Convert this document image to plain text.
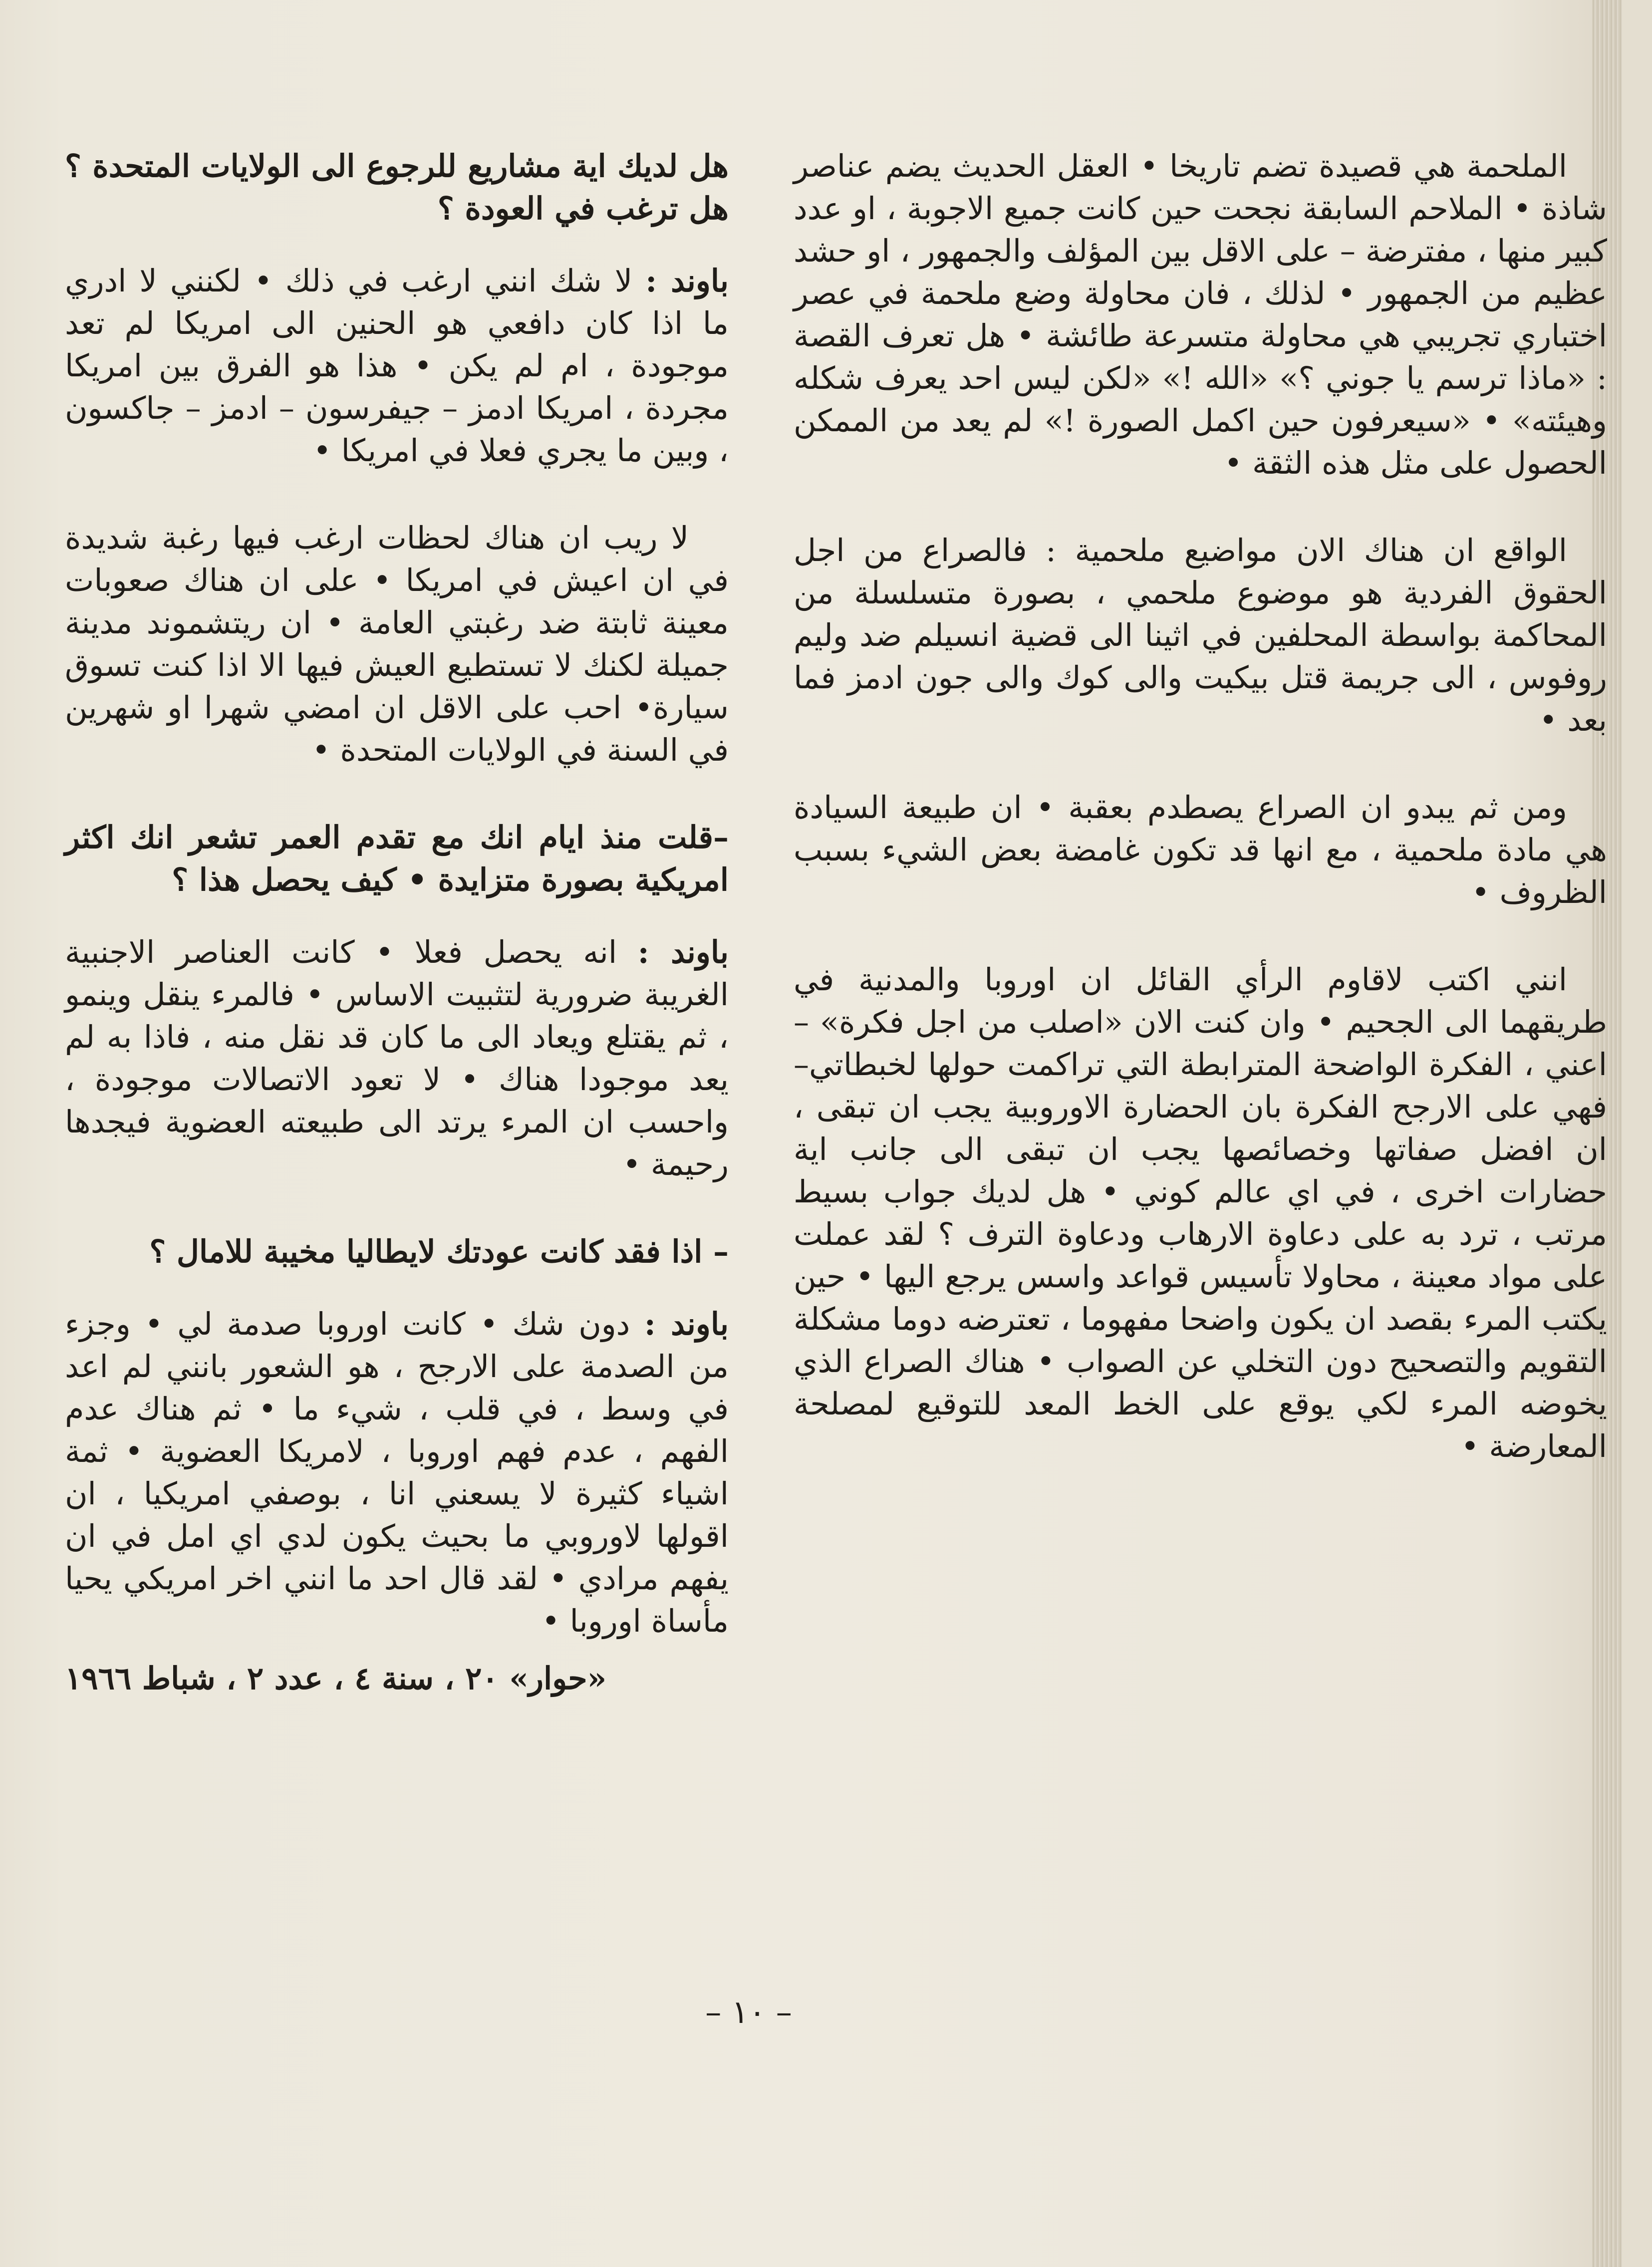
الملحمة هي قصيدة تضم تاريخا • العقل الحديث يضم عناصر شاذة • الملاحم السابقة نجحت حين كانت جميع الاجوبة ، او عدد كبير منها ، مفترضة – على الاقل بين المؤلف والجمهور ، او حشد عظيم من الجمهور • لذلك ، فان محاولة وضع ملحمة في عصر اختباري تجريبي هي محاولة متسرعة طائشة • هل تعرف القصة : «ماذا ترسم يا جوني ؟» «الله !» «لكن ليس احد يعرف شكله وهيئته» • «سيعرفون حين اكمل الصورة !» لم يعد من الممكن الحصول على مثل هذه الثقة •

الواقع ان هناك الان مواضيع ملحمية : فالصراع من اجل الحقوق الفردية هو موضوع ملحمي ، بصورة متسلسلة من المحاكمة بواسطة المحلفين في اثينا الى قضية انسيلم ضد وليم روفوس ، الى جريمة قتل بيكيت والى كوك والى جون ادمز فما بعد •

ومن ثم يبدو ان الصراع يصطدم بعقبة • ان طبيعة السيادة هي مادة ملحمية ، مع انها قد تكون غامضة بعض الشيء بسبب الظروف •

انني اكتب لاقاوم الرأي القائل ان اوروبا والمدنية في طريقهما الى الجحيم • وان كنت الان «اصلب من اجل فكرة» – اعني ، الفكرة الواضحة المترابطة التي تراكمت حولها لخبطاتي– فهي على الارجح الفكرة بان الحضارة الاوروبية يجب ان تبقى ، ان افضل صفاتها وخصائصها يجب ان تبقى الى جانب اية حضارات اخرى ، في اي عالم كوني • هل لديك جواب بسيط مرتب ، ترد به على دعاوة الارهاب ودعاوة الترف ؟ لقد عملت على مواد معينة ، محاولا تأسيس قواعد واسس يرجع اليها • حين يكتب المرء بقصد ان يكون واضحا مفهوما ، تعترضه دوما مشكلة التقويم والتصحيح دون التخلي عن الصواب • هناك الصراع الذي يخوضه المرء لكي يوقع على الخط المعد للتوقيع لمصلحة المعارضة •

هل لديك اية مشاريع للرجوع الى الولايات المتحدة ؟ هل ترغب في العودة ؟

باوند : لا شك انني ارغب في ذلك • لكنني لا ادري ما اذا كان دافعي هو الحنين الى امريكا لم تعد موجودة ، ام لم يكن • هذا هو الفرق بين امريكا مجردة ، امريكا ادمز – جيفرسون – ادمز – جاكسون ، وبين ما يجري فعلا في امريكا •

لا ريب ان هناك لحظات ارغب فيها رغبة شديدة في ان اعيش في امريكا • على ان هناك صعوبات معينة ثابتة ضد رغبتي العامة • ان ريتشموند مدينة جميلة لكنك لا تستطيع العيش فيها الا اذا كنت تسوق سيارة• احب على الاقل ان امضي شهرا او شهرين في السنة في الولايات المتحدة •

–قلت منذ ايام انك مع تقدم العمر تشعر انك اكثر امريكية بصورة متزايدة • كيف يحصل هذا ؟

باوند : انه يحصل فعلا • كانت العناصر الاجنبية الغريبة ضرورية لتثبيت الاساس • فالمرء ينقل وينمو ، ثم يقتلع ويعاد الى ما كان قد نقل منه ، فاذا به لم يعد موجودا هناك • لا تعود الاتصالات موجودة ، واحسب ان المرء يرتد الى طبيعته العضوية فيجدها رحيمة •

– اذا فقد كانت عودتك لايطاليا مخيبة للامال ؟

باوند : دون شك • كانت اوروبا صدمة لي • وجزء من الصدمة على الارجح ، هو الشعور بانني لم اعد في وسط ، في قلب ، شيء ما • ثم هناك عدم الفهم ، عدم فهم اوروبا ، لامريكا العضوية • ثمة اشياء كثيرة لا يسعني انا ، بوصفي امريكيا ، ان اقولها لاوروبي ما بحيث يكون لدي اي امل في ان يفهم مرادي • لقد قال احد ما انني اخر امريكي يحيا مأساة اوروبا •

«حوار» ٢٠ ، سنة ٤ ، عدد ٢ ، شباط ١٩٦٦

– ١٠ –
